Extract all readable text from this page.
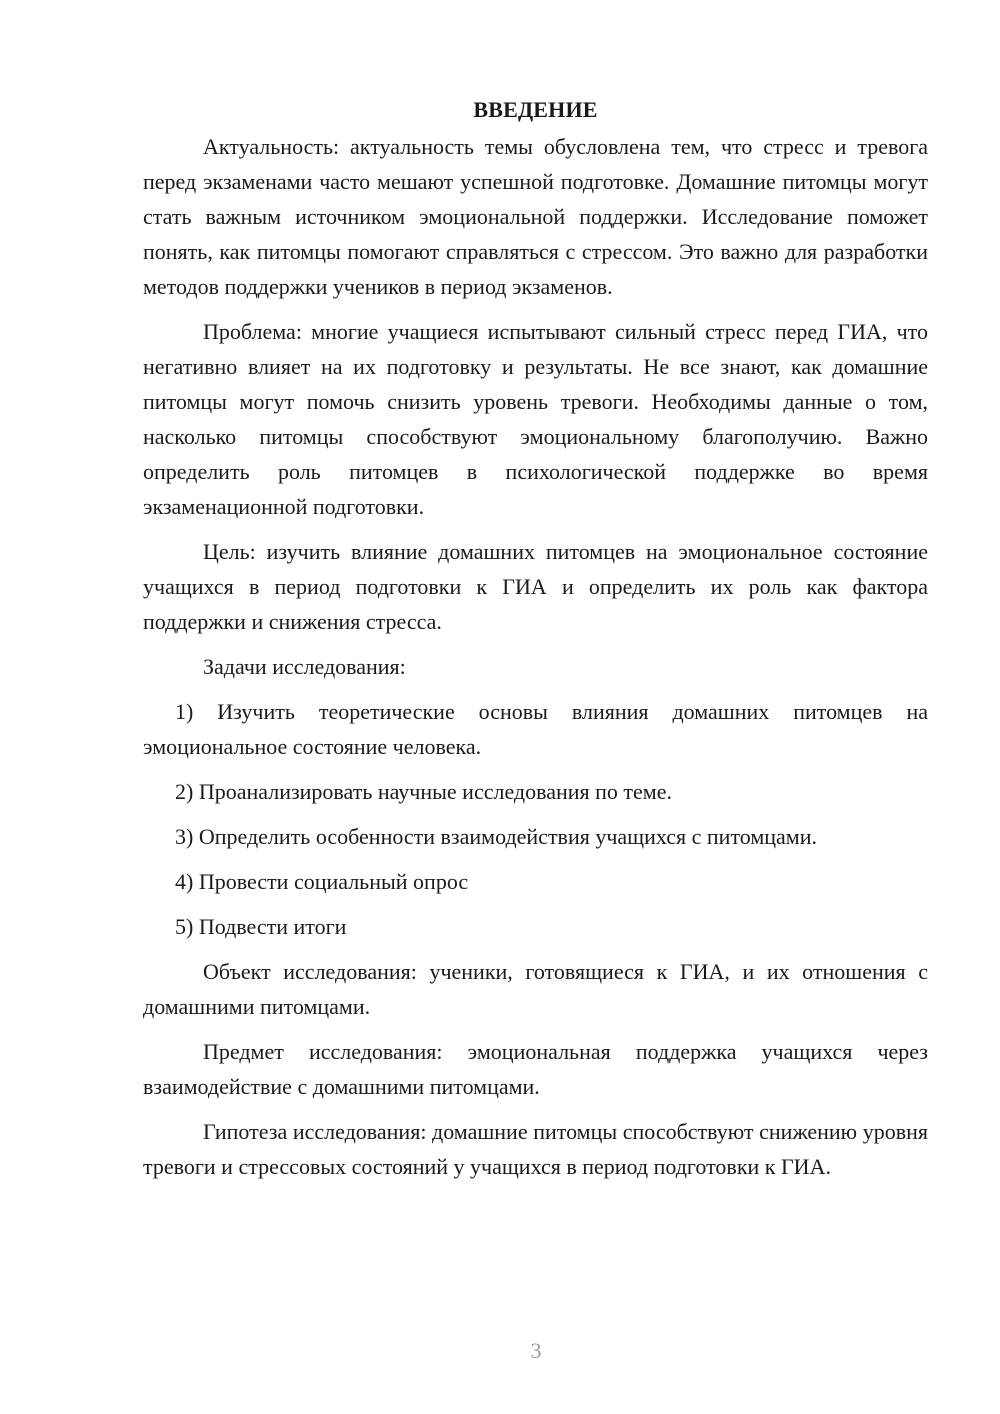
ВВЕДЕНИЕ

Актуальность: актуальность темы обусловлена тем, что стресс и тревога перед экзаменами часто мешают успешной подготовке. Домашние питомцы могут стать важным источником эмоциональной поддержки. Исследование поможет понять, как питомцы помогают справляться с стрессом. Это важно для разработки методов поддержки учеников в период экзаменов.

Проблема: многие учащиеся испытывают сильный стресс перед ГИА, что негативно влияет на их подготовку и результаты. Не все знают, как домашние питомцы могут помочь снизить уровень тревоги. Необходимы данные о том, насколько питомцы способствуют эмоциональному благополучию. Важно определить роль питомцев в психологической поддержке во время экзаменационной подготовки.

Цель: изучить влияние домашних питомцев на эмоциональное состояние учащихся в период подготовки к ГИА и определить их роль как фактора поддержки и снижения стресса.

Задачи исследования:

1) Изучить теоретические основы влияния домашних питомцев на эмоциональное состояние человека.

2) Проанализировать научные исследования по теме.

3) Определить особенности взаимодействия учащихся с питомцами.

4) Провести социальный опрос

5) Подвести итоги

Объект исследования: ученики, готовящиеся к ГИА, и их отношения с домашними питомцами.

Предмет исследования: эмоциональная поддержка учащихся через взаимодействие с домашними питомцами.

Гипотеза исследования: домашние питомцы способствуют снижению уровня тревоги и стрессовых состояний у учащихся в период подготовки к ГИА.

3
